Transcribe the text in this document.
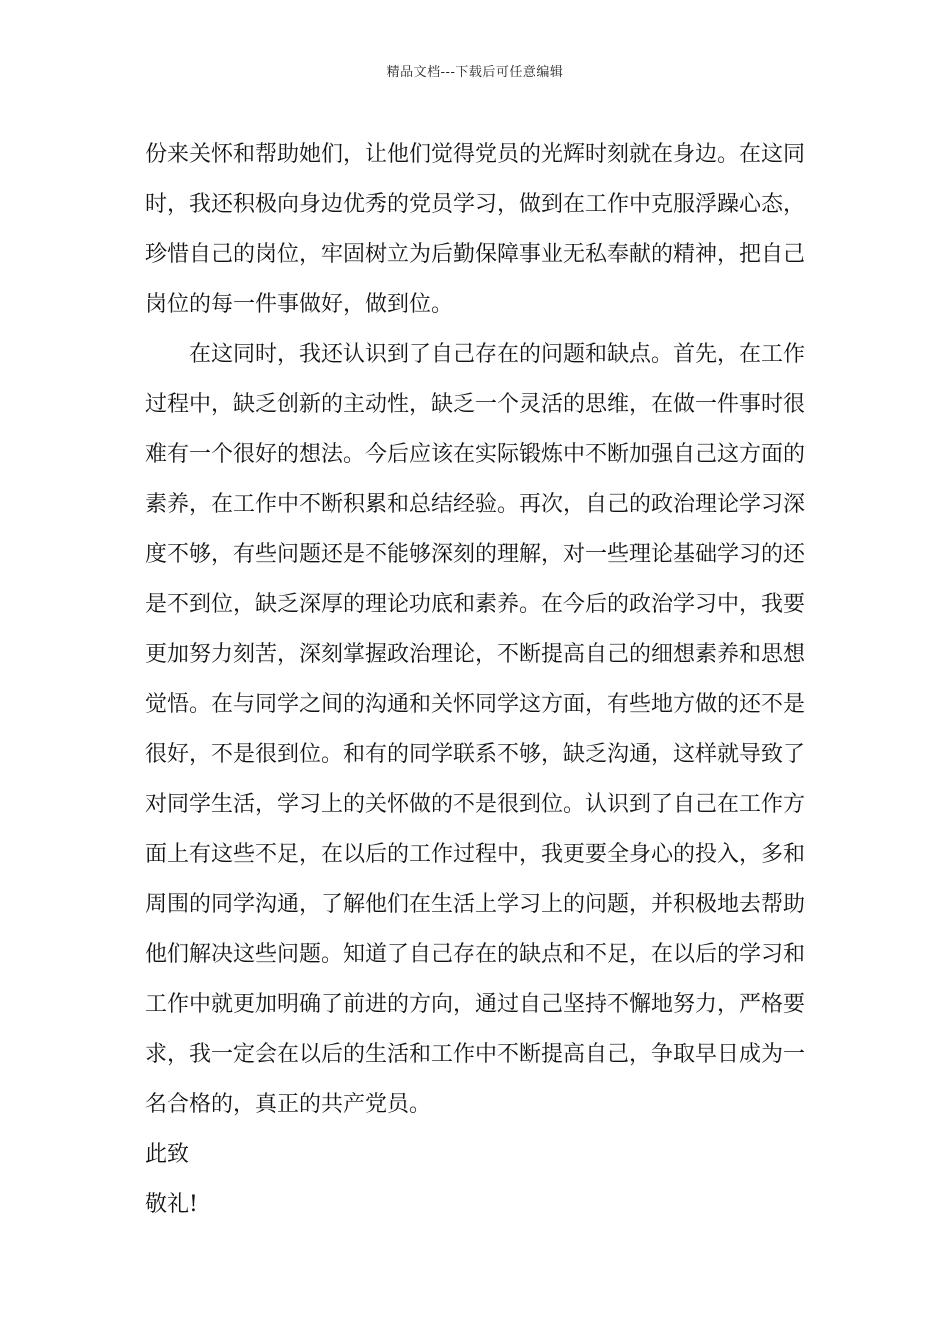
精品文档---下载后可任意编辑

份来关怀和帮助她们，让他们觉得党员的光辉时刻就在身边。在这同时，我还积极向身边优秀的党员学习，做到在工作中克服浮躁心态，珍惜自己的岗位，牢固树立为后勤保障事业无私奉献的精神，把自己岗位的每一件事做好，做到位。

在这同时，我还认识到了自己存在的问题和缺点。首先，在工作过程中，缺乏创新的主动性，缺乏一个灵活的思维，在做一件事时很难有一个很好的想法。今后应该在实际锻炼中不断加强自己这方面的素养，在工作中不断积累和总结经验。再次，自己的政治理论学习深度不够，有些问题还是不能够深刻的理解，对一些理论基础学习的还是不到位，缺乏深厚的理论功底和素养。在今后的政治学习中，我要更加努力刻苦，深刻掌握政治理论，不断提高自己的细想素养和思想觉悟。在与同学之间的沟通和关怀同学这方面，有些地方做的还不是很好，不是很到位。和有的同学联系不够，缺乏沟通，这样就导致了对同学生活，学习上的关怀做的不是很到位。认识到了自己在工作方面上有这些不足，在以后的工作过程中，我更要全身心的投入，多和周围的同学沟通，了解他们在生活上学习上的问题，并积极地去帮助他们解决这些问题。知道了自己存在的缺点和不足，在以后的学习和工作中就更加明确了前进的方向，通过自己坚持不懈地努力，严格要求，我一定会在以后的生活和工作中不断提高自己，争取早日成为一名合格的，真正的共产党员。

此致

敬礼!
